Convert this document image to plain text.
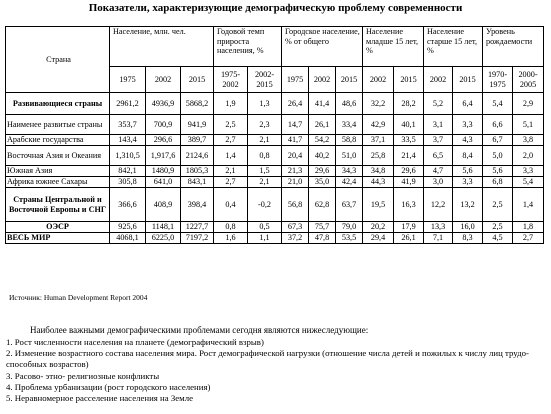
Показатели, характеризующие демографическую проблему современности
Страна	Население, млн. чел.			Годовой темп прироста населения, %		Городское население, % от общего			Население младше 15 лет, %		Население старше 15 лет, %		Уровень рождаемости	
	1975	2002	2015	1975-2002	2002-2015	1975	2002	2015	2002	2015	2002	2015	1970-1975	2000-2005
Развивающиеся страны	2961,2	4936,9	5868,2	1,9	1,3	26,4	41,4	48,6	32,2	28,2	5,2	6,4	5,4	2,9
Наименее развитые страны	353,7	700,9	941,9	2,5	2,3	14,7	26,1	33,4	42,9	40,1	3,1	3,3	6,6	5,1
Арабские государства	143,4	296,6	389,7	2,7	2,1	41,7	54,2	58,8	37,1	33,5	3,7	4,3	6,7	3,8
Восточная Азия и Океания	1,310,5	1,917,6	2124,6	1,4	0,8	20,4	40,2	51,0	25,8	21,4	6,5	8,4	5,0	2,0
Южная Азия	842,1	1480,9	1805,3	2,1	1,5	21,3	29,6	34,3	34,8	29,6	4,7	5,6	5,6	3,3
Африка южнее Сахары	305,8	641,0	843,1	2,7	2,1	21,0	35,0	42,4	44,3	41,9	3,0	3,3	6,8	5,4
Страны Центральной и Восточной Европы и СНГ	366,6	408,9	398,4	0,4	-0,2	56,8	62,8	63,7	19,5	16,3	12,2	13,2	2,5	1,4
ОЭСР	925,6	1148,1	1227,7	0,8	0,5	67,3	75,7	79,0	20,2	17,9	13,3	16,0	2,5	1,8
ВЕСЬ МИР	4068,1	6225,0	7197,2	1,6	1,1	37,2	47,8	53,5	29,4	26,1	7,1	8,3	4,5	2,7
Источник: Human Development Report 2004
Наиболее важными демографическими проблемами сегодня являются нижеследующие:
1. Рост численности населения на планете (демографический взрыв)
2. Изменение возрастного состава населения мира. Рост демографической нагрузки (отношение числа детей и пожилых к числу лиц трудо-
способных возрастов)
3. Расово- этно- религиозные конфликты
4. Проблема урбанизации (рост городского населения)
5. Неравномерное расселение населения на Земле
